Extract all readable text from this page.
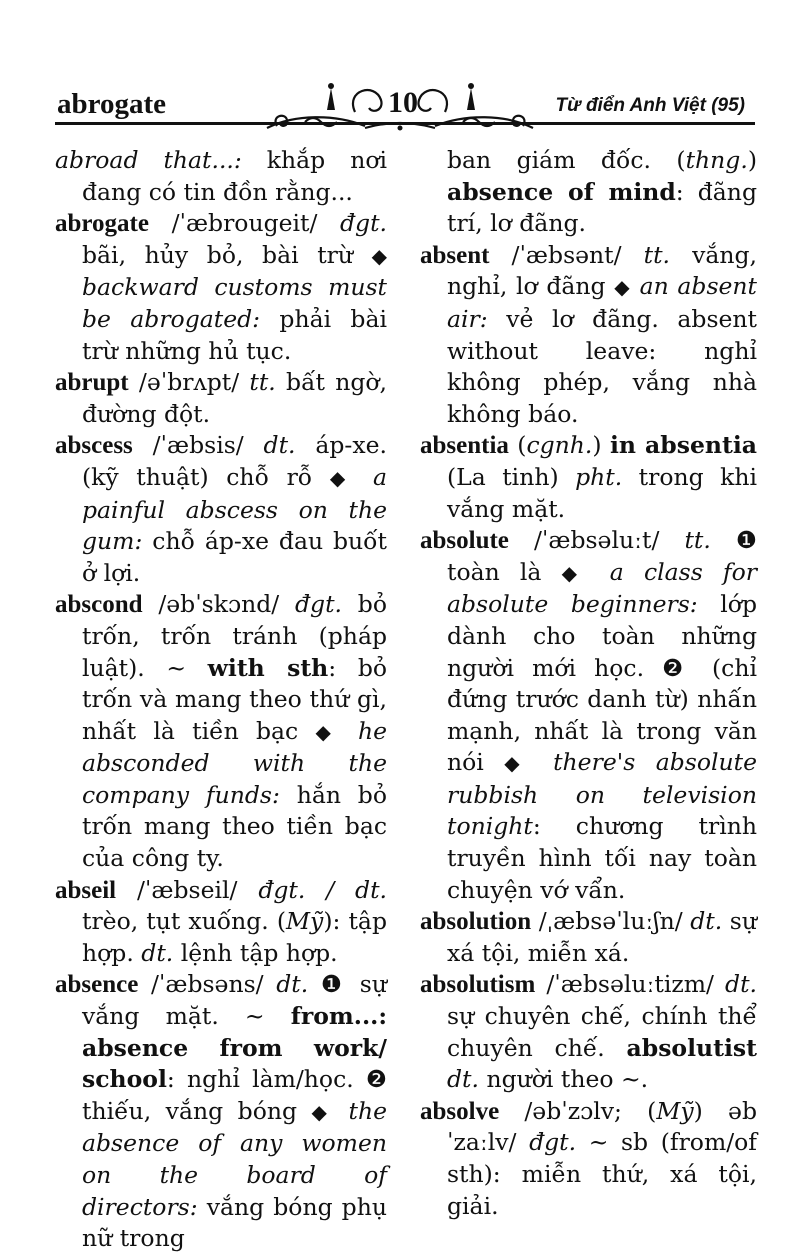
abrogate	10	Từ điển Anh Việt (95)

abroad that...: khắp nơi đang có tin đồn rằng...

abrogate /ˈæbrougeit/ đgt. bãi, hủy bỏ, bài trừ ◆ backward customs must be abrogated: phải bài trừ những hủ tục.

abrupt /əˈbrʌpt/ tt. bất ngờ, đường đột.

abscess /ˈæbsis/ dt. áp-xe. (kỹ thuật) chỗ rỗ ◆ a painful abscess on the gum: chỗ áp-xe đau buốt ở lợi.

abscond /əbˈskɔnd/ đgt. bỏ trốn, trốn tránh (pháp luật). ~ with sth: bỏ trốn và mang theo thứ gì, nhất là tiền bạc ◆ he absconded with the company funds: hắn bỏ trốn mang theo tiền bạc của công ty.

abseil /ˈæbseil/ đgt. / dt. trèo, tụt xuống. (Mỹ): tập hợp. dt. lệnh tập hợp.

absence /ˈæbsəns/ dt. ❶ sự vắng mặt. ~ from...: absence from work/ school: nghỉ làm/học. ❷ thiếu, vắng bóng ◆ the absence of any women on the board of directors: vắng bóng phụ nữ trong

ban giám đốc. (thng.) absence of mind: đãng trí, lơ đãng.

absent /ˈæbsənt/ tt. vắng, nghỉ, lơ đãng ◆ an absent air: vẻ lơ đãng. absent without leave: nghỉ không phép, vắng nhà không báo.

absentia (cgnh.) in absentia (La tinh) pht. trong khi vắng mặt.

absolute /ˈæbsəluːt/ tt. ❶ toàn là ◆ a class for absolute beginners: lớp dành cho toàn những người mới học. ❷ (chỉ đứng trước danh từ) nhấn mạnh, nhất là trong văn nói ◆ there's absolute rubbish on television tonight: chương trình truyền hình tối nay toàn chuyện vớ vẩn.

absolution /ˌæbsəˈluːʃn/ dt. sự xá tội, miễn xá.

absolutism /ˈæbsəluːtizm/ dt. sự chuyên chế, chính thể chuyên chế. absolutist dt. người theo ~.

absolve /əbˈzɔlv; (Mỹ) əbˈzaːlv/ đgt. ~ sb (from/of sth): miễn thứ, xá tội, giải.
